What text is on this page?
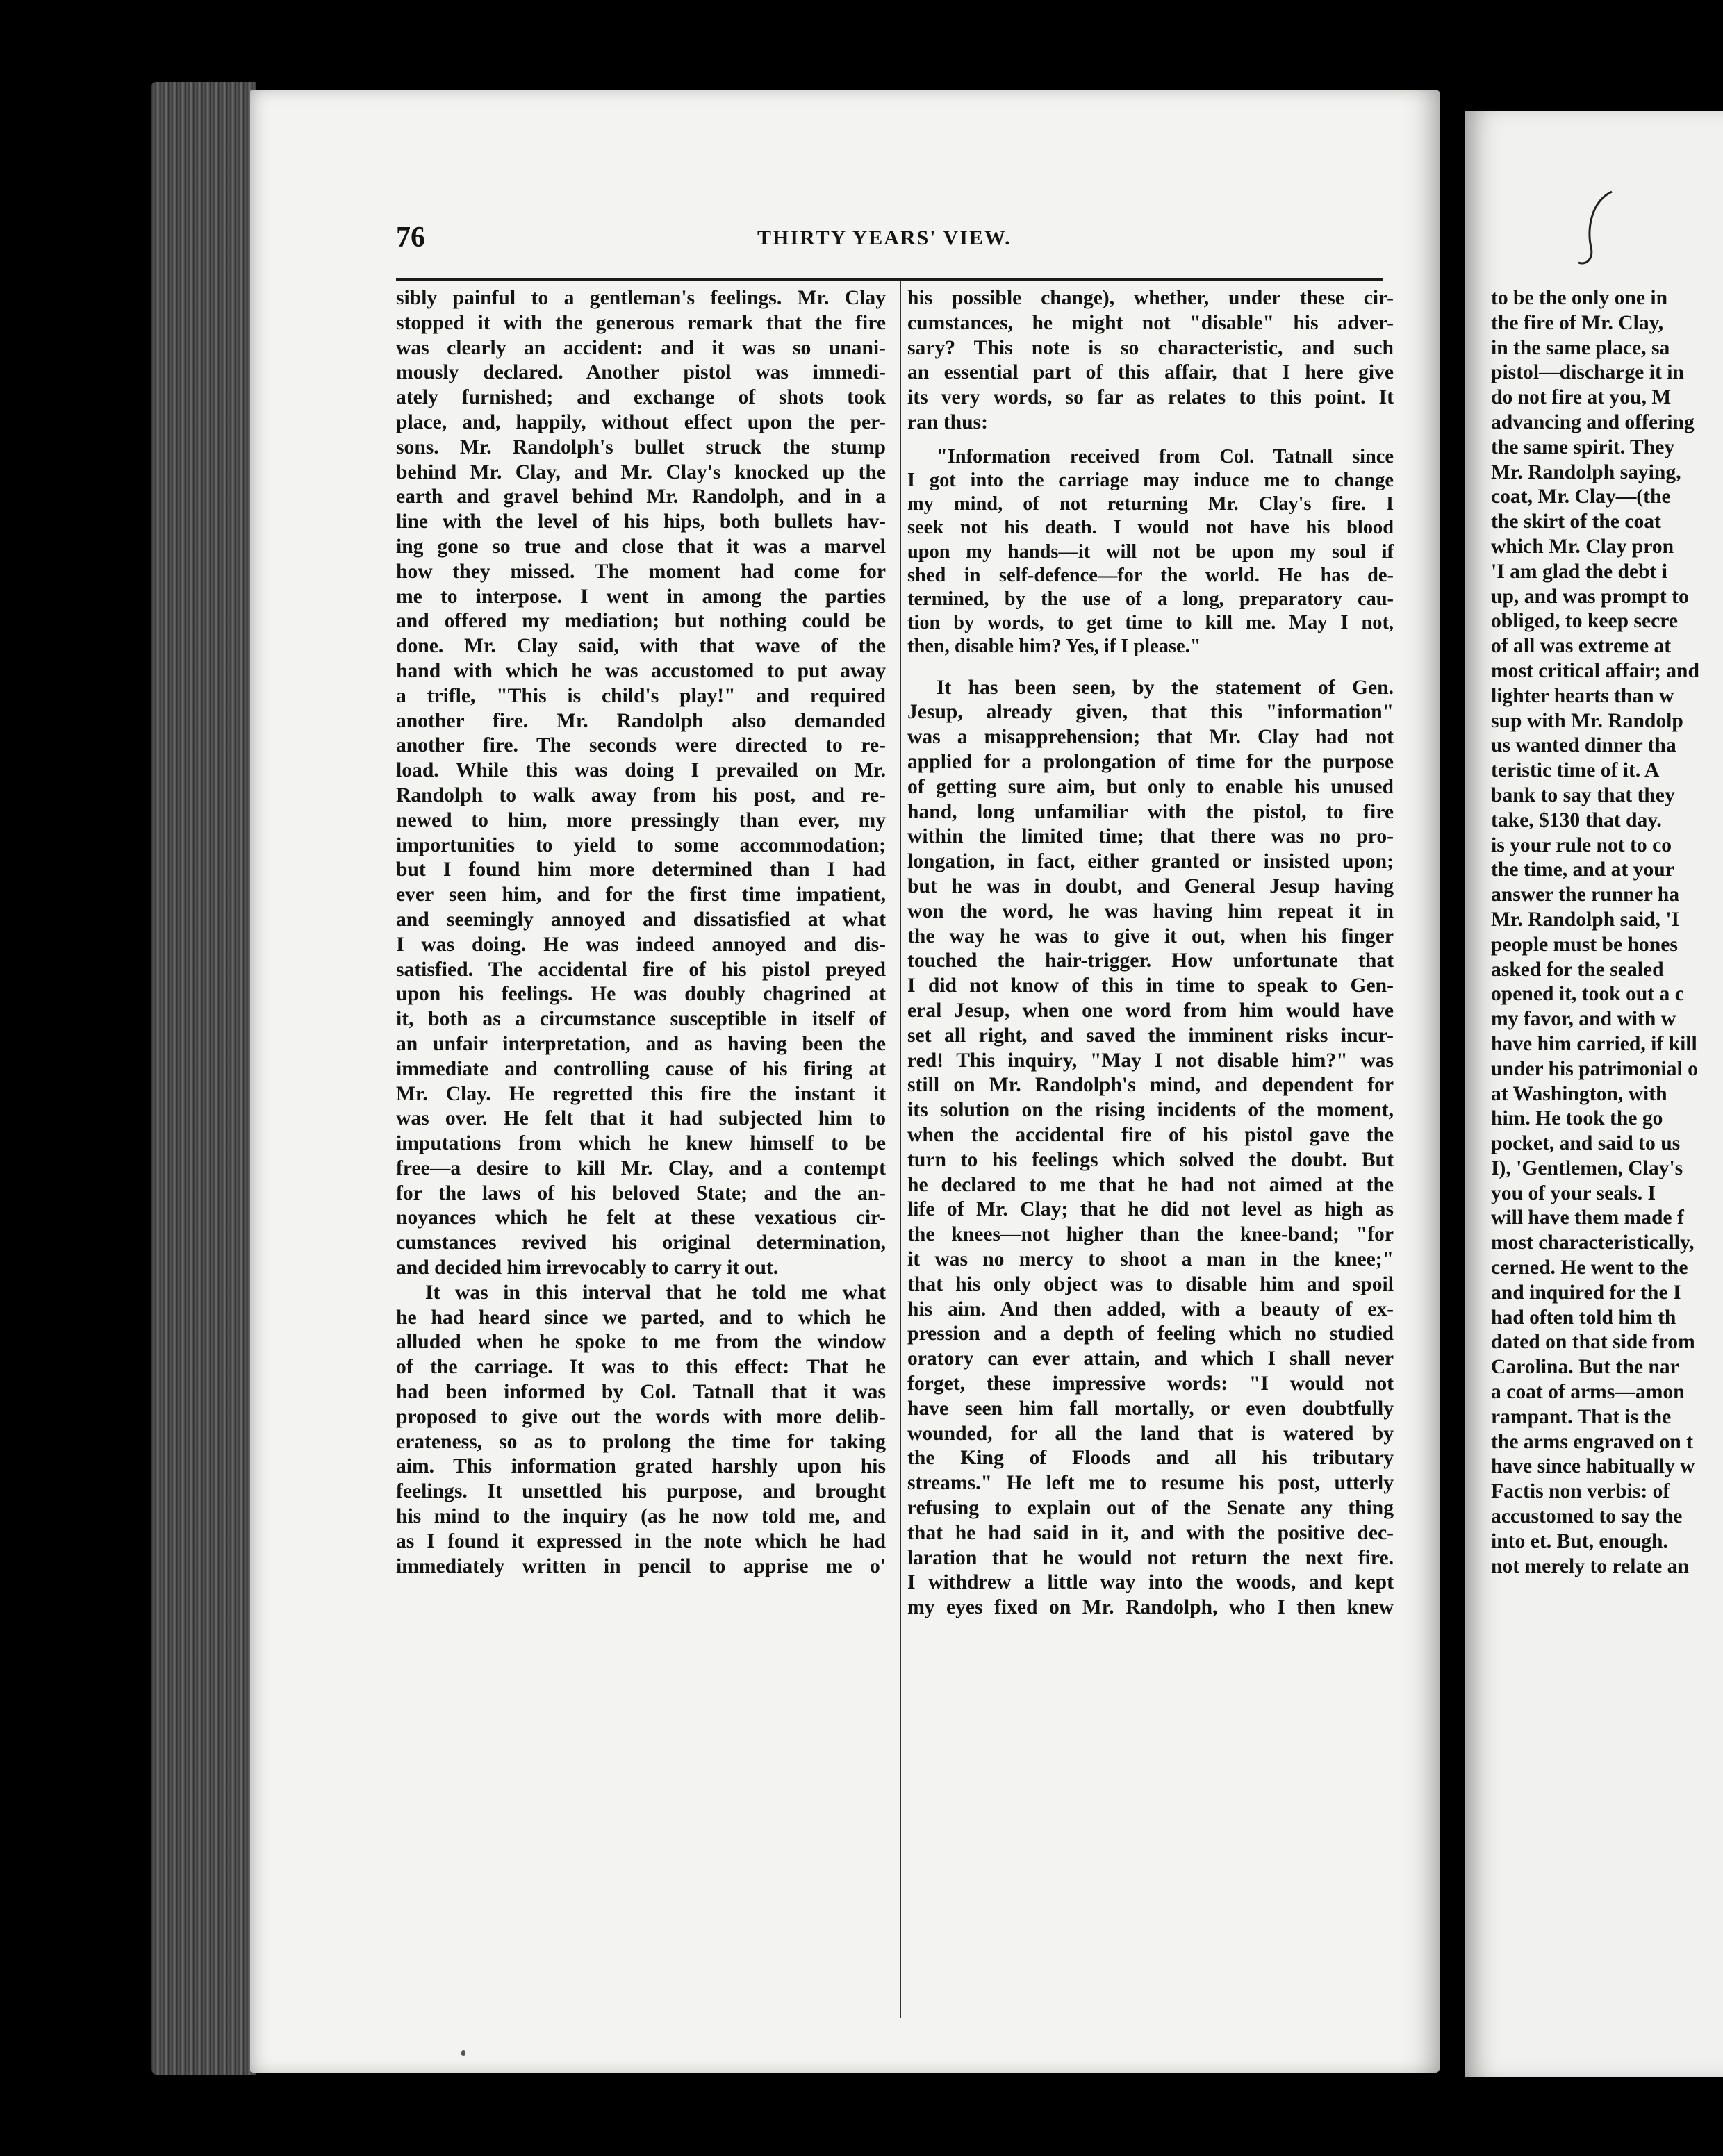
76	THIRTY YEARS' VIEW.
sibly painful to a gentleman's feelings. Mr. Clay
stopped it with the generous remark that the fire
was clearly an accident: and it was so unani-
mously declared. Another pistol was immedi-
ately furnished; and exchange of shots took
place, and, happily, without effect upon the per-
sons. Mr. Randolph's bullet struck the stump
behind Mr. Clay, and Mr. Clay's knocked up the
earth and gravel behind Mr. Randolph, and in a
line with the level of his hips, both bullets hav-
ing gone so true and close that it was a marvel
how they missed. The moment had come for
me to interpose. I went in among the parties
and offered my mediation; but nothing could be
done. Mr. Clay said, with that wave of the
hand with which he was accustomed to put away
a trifle, "This is child's play!" and required
another fire. Mr. Randolph also demanded
another fire. The seconds were directed to re-
load. While this was doing I prevailed on Mr.
Randolph to walk away from his post, and re-
newed to him, more pressingly than ever, my
importunities to yield to some accommodation;
but I found him more determined than I had
ever seen him, and for the first time impatient,
and seemingly annoyed and dissatisfied at what
I was doing. He was indeed annoyed and dis-
satisfied. The accidental fire of his pistol preyed
upon his feelings. He was doubly chagrined at
it, both as a circumstance susceptible in itself of
an unfair interpretation, and as having been the
immediate and controlling cause of his firing at
Mr. Clay. He regretted this fire the instant it
was over. He felt that it had subjected him to
imputations from which he knew himself to be
free—a desire to kill Mr. Clay, and a contempt
for the laws of his beloved State; and the an-
noyances which he felt at these vexatious cir-
cumstances revived his original determination,
and decided him irrevocably to carry it out.
It was in this interval that he told me what
he had heard since we parted, and to which he
alluded when he spoke to me from the window
of the carriage. It was to this effect: That he
had been informed by Col. Tatnall that it was
proposed to give out the words with more delib-
erateness, so as to prolong the time for taking
aim. This information grated harshly upon his
feelings. It unsettled his purpose, and brought
his mind to the inquiry (as he now told me, and
as I found it expressed in the note which he had
immediately written in pencil to apprise me o'
his possible change), whether, under these cir-
cumstances, he might not "disable" his adver-
sary? This note is so characteristic, and such
an essential part of this affair, that I here give
its very words, so far as relates to this point. It
ran thus:
"Information received from Col. Tatnall since
I got into the carriage may induce me to change
my mind, of not returning Mr. Clay's fire. I
seek not his death. I would not have his blood
upon my hands—it will not be upon my soul if
shed in self-defence—for the world. He has de-
termined, by the use of a long, preparatory cau-
tion by words, to get time to kill me. May I not,
then, disable him? Yes, if I please."
It has been seen, by the statement of Gen.
Jesup, already given, that this "information"
was a misapprehension; that Mr. Clay had not
applied for a prolongation of time for the purpose
of getting sure aim, but only to enable his unused
hand, long unfamiliar with the pistol, to fire
within the limited time; that there was no pro-
longation, in fact, either granted or insisted upon;
but he was in doubt, and General Jesup having
won the word, he was having him repeat it in
the way he was to give it out, when his finger
touched the hair-trigger. How unfortunate that
I did not know of this in time to speak to Gen-
eral Jesup, when one word from him would have
set all right, and saved the imminent risks incur-
red! This inquiry, "May I not disable him?" was
still on Mr. Randolph's mind, and dependent for
its solution on the rising incidents of the moment,
when the accidental fire of his pistol gave the
turn to his feelings which solved the doubt. But
he declared to me that he had not aimed at the
life of Mr. Clay; that he did not level as high as
the knees—not higher than the knee-band; "for
it was no mercy to shoot a man in the knee;"
that his only object was to disable him and spoil
his aim. And then added, with a beauty of ex-
pression and a depth of feeling which no studied
oratory can ever attain, and which I shall never
forget, these impressive words: "I would not
have seen him fall mortally, or even doubtfully
wounded, for all the land that is watered by
the King of Floods and all his tributary
streams." He left me to resume his post, utterly
refusing to explain out of the Senate any thing
that he had said in it, and with the positive dec-
laration that he would not return the next fire.
I withdrew a little way into the woods, and kept
my eyes fixed on Mr. Randolph, who I then knew
to be the only one in
the fire of Mr. Clay,
in the same place, sa
pistol—discharge it in
do not fire at you, M
advancing and offering
the same spirit. They
Mr. Randolph saying,
coat, Mr. Clay—(the
the skirt of the coat
which Mr. Clay pron
'I am glad the debt i
up, and was prompt to
obliged, to keep secre
of all was extreme at
most critical affair; and
lighter hearts than w
sup with Mr. Randolp
us wanted dinner tha
teristic time of it. A
bank to say that they
take, $130 that day.
is your rule not to co
the time, and at your
answer the runner ha
Mr. Randolph said, 'I
people must be hones
asked for the sealed
opened it, took out a c
my favor, and with w
have him carried, if kill
under his patrimonial o
at Washington, with
him. He took the go
pocket, and said to us
I), 'Gentlemen, Clay's
you of your seals. I
will have them made f
most characteristically,
cerned. He went to the
and inquired for the I
had often told him th
dated on that side from
Carolina. But the nar
a coat of arms—amon
rampant. That is the
the arms engraved on t
have since habitually w
Factis non verbis: of
accustomed to say the
into et. But, enough.
not merely to relate an
